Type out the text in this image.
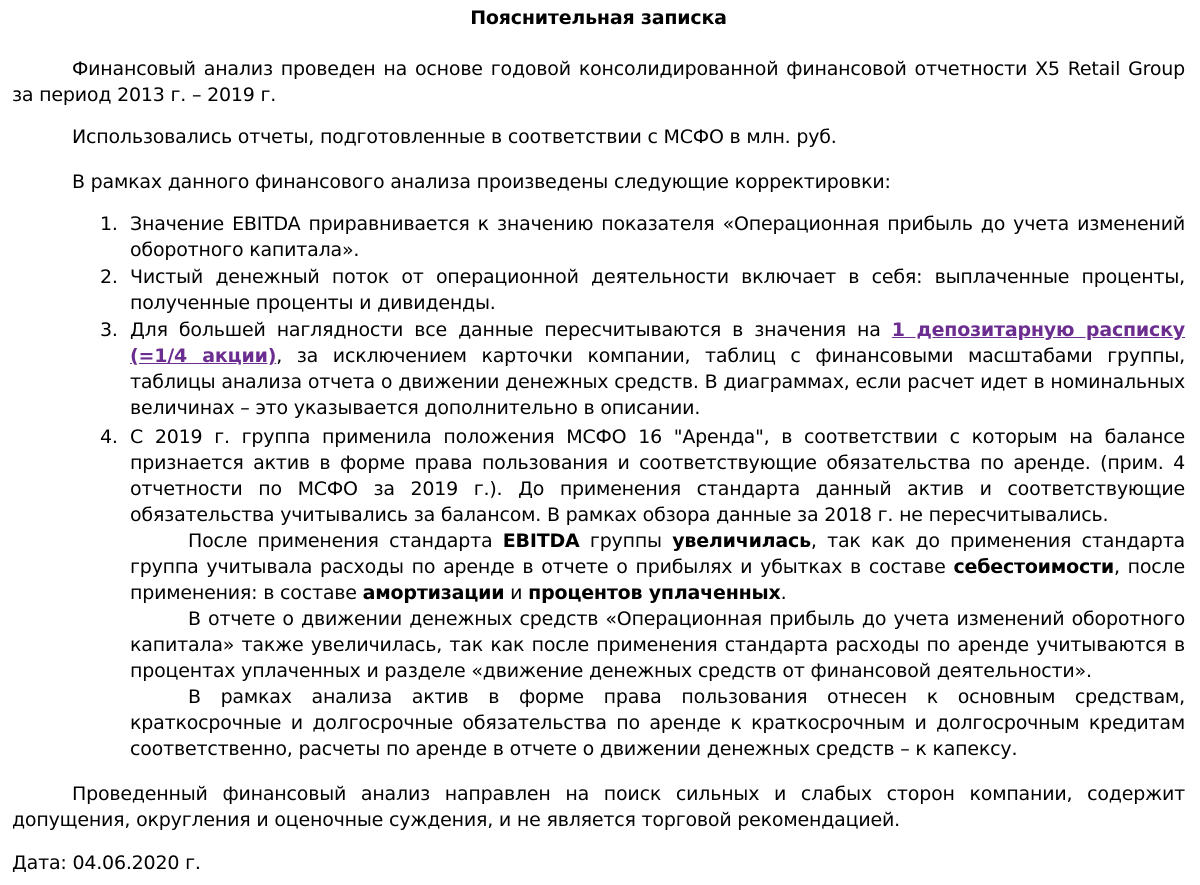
Пояснительная записка
Финансовый анализ проведен на основе годовой консолидированной финансовой отчетности X5 Retail Group за период 2013 г. – 2019 г.
Использовались отчеты, подготовленные в соответствии с МСФО в млн. руб.
В рамках данного финансового анализа произведены следующие корректировки:
1. Значение EBITDA приравнивается к значению показателя «Операционная прибыль до учета изменений оборотного капитала».
2. Чистый денежный поток от операционной деятельности включает в себя: выплаченные проценты, полученные проценты и дивиденды.
3. Для большей наглядности все данные пересчитываются в значения на 1 депозитарную расписку (=1/4 акции), за исключением карточки компании, таблиц с финансовыми масштабами группы, таблицы анализа отчета о движении денежных средств. В диаграммах, если расчет идет в номинальных величинах – это указывается дополнительно в описании.
4. С 2019 г. группа применила положения МСФО 16 "Аренда", в соответствии с которым на балансе признается актив в форме права пользования и соответствующие обязательства по аренде. (прим. 4 отчетности по МСФО за 2019 г.). До применения стандарта данный актив и соответствующие обязательства учитывались за балансом. В рамках обзора данные за 2018 г. не пересчитывались.
После применения стандарта EBITDA группы увеличилась, так как до применения стандарта группа учитывала расходы по аренде в отчете о прибылях и убытках в составе себестоимости, после применения: в составе амортизации и процентов уплаченных.
В отчете о движении денежных средств «Операционная прибыль до учета изменений оборотного капитала» также увеличилась, так как после применения стандарта расходы по аренде учитываются в процентах уплаченных и разделе «движение денежных средств от финансовой деятельности».
В рамках анализа актив в форме права пользования отнесен к основным средствам, краткосрочные и долгосрочные обязательства по аренде к краткосрочным и долгосрочным кредитам соответственно, расчеты по аренде в отчете о движении денежных средств – к капексу.
Проведенный финансовый анализ направлен на поиск сильных и слабых сторон компании, содержит допущения, округления и оценочные суждения, и не является торговой рекомендацией.
Дата: 04.06.2020 г.
